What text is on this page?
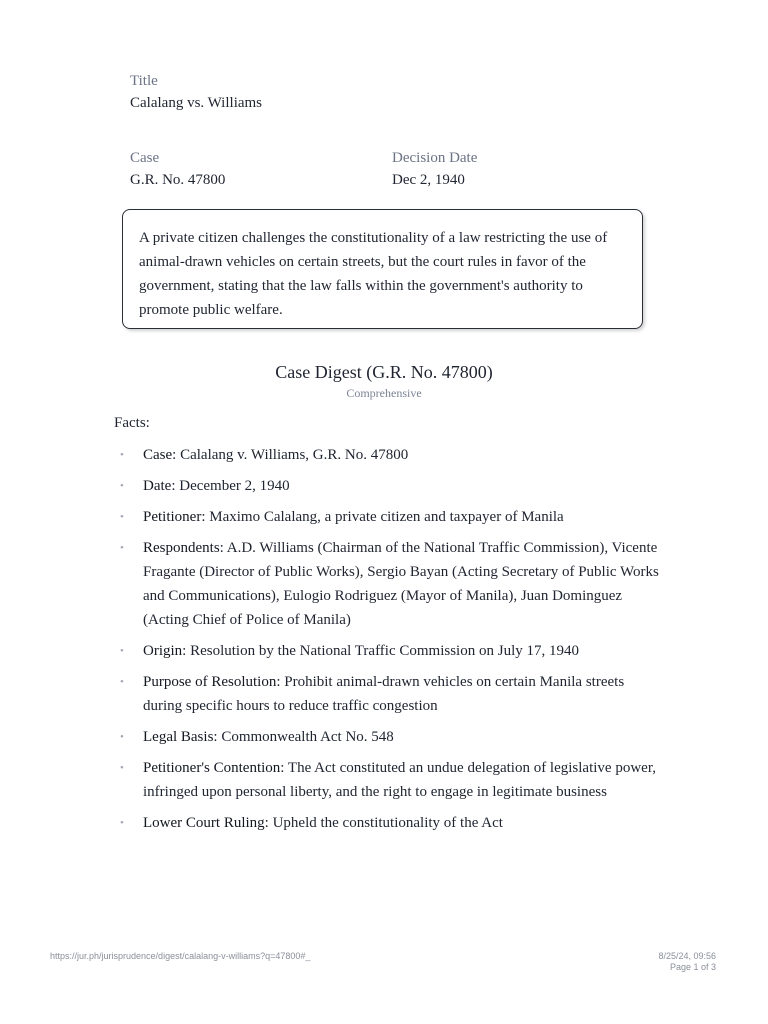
Title
Calalang vs. Williams
Case
G.R. No. 47800
Decision Date
Dec 2, 1940

A private citizen challenges the constitutionality of a law restricting the use of animal-drawn vehicles on certain streets, but the court rules in favor of the government, stating that the law falls within the government's authority to promote public welfare.

Case Digest (G.R. No. 47800)
Comprehensive
Facts:
• Case: Calalang v. Williams, G.R. No. 47800
• Date: December 2, 1940
• Petitioner: Maximo Calalang, a private citizen and taxpayer of Manila
• Respondents: A.D. Williams (Chairman of the National Traffic Commission), Vicente Fragante (Director of Public Works), Sergio Bayan (Acting Secretary of Public Works and Communications), Eulogio Rodriguez (Mayor of Manila), Juan Dominguez (Acting Chief of Police of Manila)
• Origin: Resolution by the National Traffic Commission on July 17, 1940
• Purpose of Resolution: Prohibit animal-drawn vehicles on certain Manila streets during specific hours to reduce traffic congestion
• Legal Basis: Commonwealth Act No. 548
• Petitioner's Contention: The Act constituted an undue delegation of legislative power, infringed upon personal liberty, and the right to engage in legitimate business
• Lower Court Ruling: Upheld the constitutionality of the Act
https://jur.ph/jurisprudence/digest/calalang-v-williams?q=47800#_	8/25/24, 09:56
Page 1 of 3
